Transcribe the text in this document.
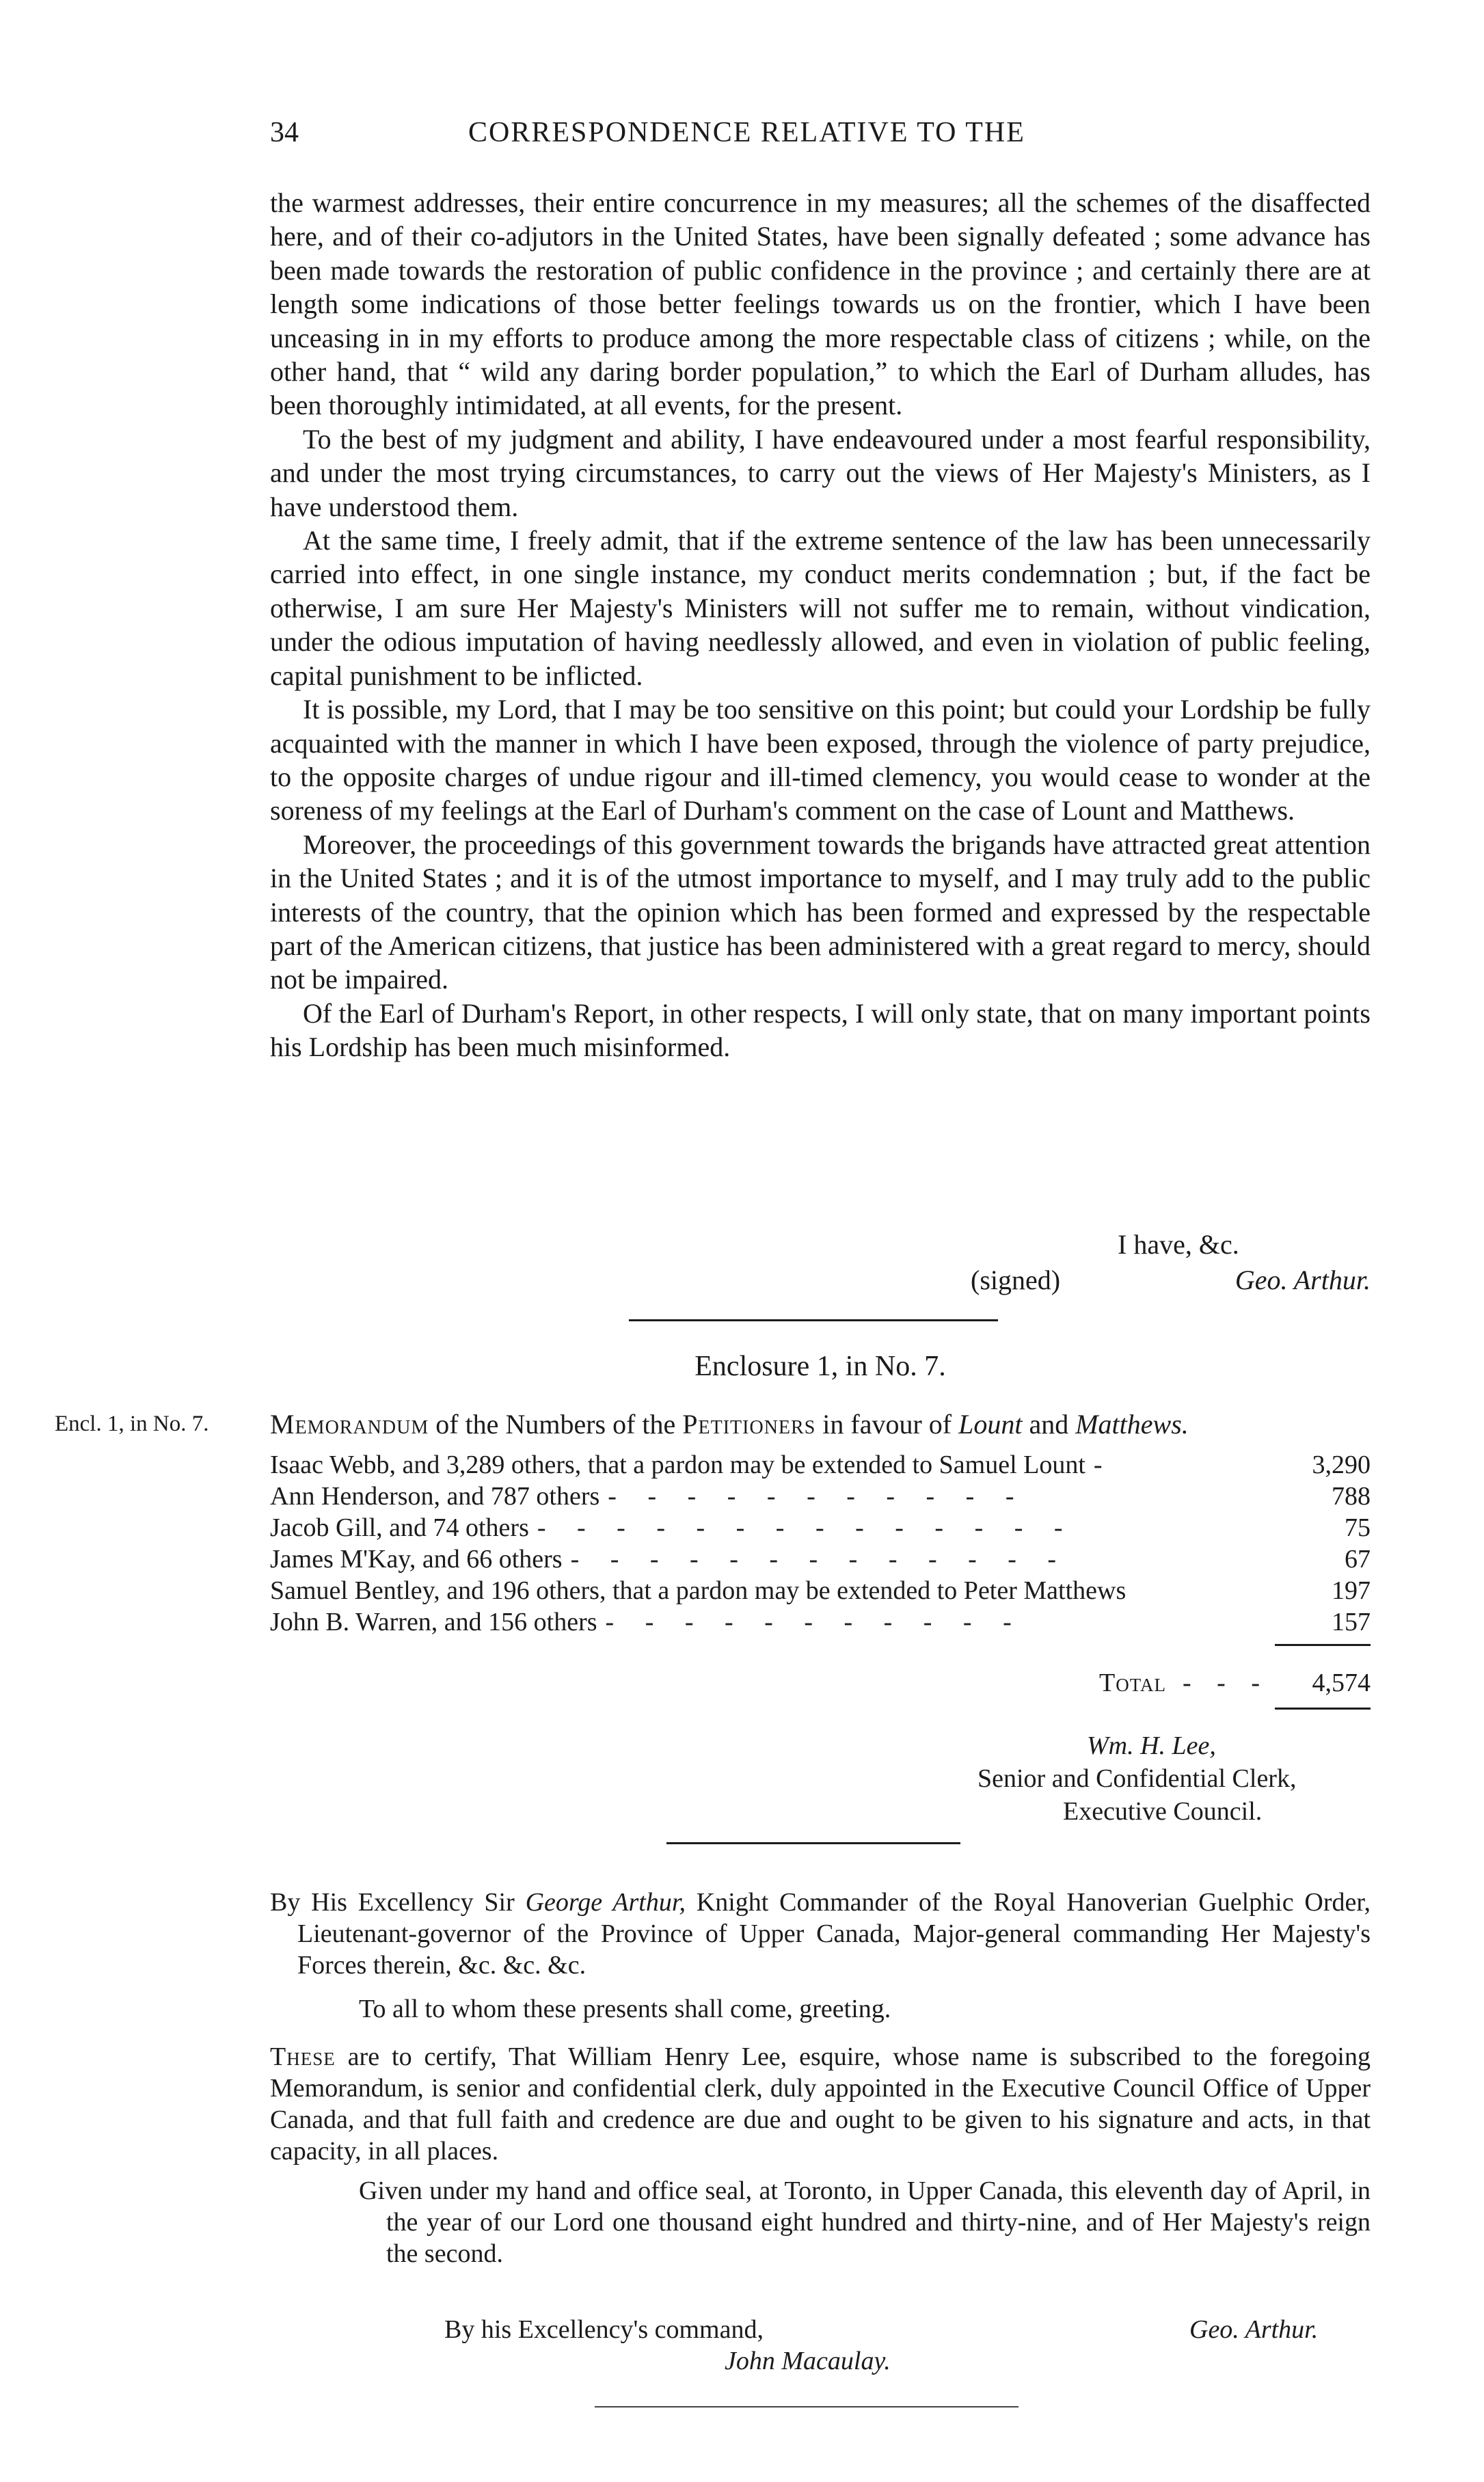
34	CORRESPONDENCE RELATIVE TO THE

the warmest addresses, their entire concurrence in my measures; all the schemes of the disaffected here, and of their co-adjutors in the United States, have been signally defeated ; some advance has been made towards the restoration of public confidence in the province ; and certainly there are at length some indications of those better feelings towards us on the frontier, which I have been unceasing in in my efforts to produce among the more respectable class of citizens ; while, on the other hand, that “ wild any daring border population,” to which the Earl of Durham alludes, has been thoroughly intimidated, at all events, for the present.

To the best of my judgment and ability, I have endeavoured under a most fearful responsibility, and under the most trying circumstances, to carry out the views of Her Majesty's Ministers, as I have understood them.

At the same time, I freely admit, that if the extreme sentence of the law has been unnecessarily carried into effect, in one single instance, my conduct merits condemnation ; but, if the fact be otherwise, I am sure Her Majesty's Ministers will not suffer me to remain, without vindication, under the odious imputation of having needlessly allowed, and even in violation of public feeling, capital punishment to be inflicted.

It is possible, my Lord, that I may be too sensitive on this point; but could your Lordship be fully acquainted with the manner in which I have been exposed, through the violence of party prejudice, to the opposite charges of undue rigour and ill-timed clemency, you would cease to wonder at the soreness of my feelings at the Earl of Durham's comment on the case of Lount and Matthews.

Moreover, the proceedings of this government towards the brigands have attracted great attention in the United States ; and it is of the utmost importance to myself, and I may truly add to the public interests of the country, that the opinion which has been formed and expressed by the respectable part of the American citizens, that justice has been administered with a great regard to mercy, should not be impaired.

Of the Earl of Durham's Report, in other respects, I will only state, that on many important points his Lordship has been much misinformed.

I have, &c.
(signed)	Geo. Arthur.
Enclosure 1, in No. 7.
Encl. 1, in No. 7. Memorandum of the Numbers of the Petitioners in favour of Lount and Matthews.
Isaac Webb, and 3,289 others, that a pardon may be extended to Samuel Lount -	3,290
Ann Henderson, and 787 others - - - - - - - - - - -	788
Jacob Gill, and 74 others - - - - - - - - - - - - - -	75
James M'Kay, and 66 others - - - - - - - - - - - - -	67
Samuel Bentley, and 196 others, that a pardon may be extended to Peter Matthews	197
John B. Warren, and 156 others - - - - - - - - - - -	157
Total - - -	4,574
Wm. H. Lee,
Senior and Confidential Clerk,
Executive Council.
By His Excellency Sir George Arthur, Knight Commander of the Royal Hanoverian Guelphic Order, Lieutenant-governor of the Province of Upper Canada, Major-general commanding Her Majesty's Forces therein, &c. &c. &c.
To all to whom these presents shall come, greeting.
These are to certify, That William Henry Lee, esquire, whose name is subscribed to the foregoing Memorandum, is senior and confidential clerk, duly appointed in the Executive Council Office of Upper Canada, and that full faith and credence are due and ought to be given to his signature and acts, in that capacity, in all places.
Given under my hand and office seal, at Toronto, in Upper Canada, this eleventh day of April, in the year of our Lord one thousand eight hundred and thirty-nine, and of Her Majesty's reign the second.
By his Excellency's command,	Geo. Arthur.
John Macaulay.
